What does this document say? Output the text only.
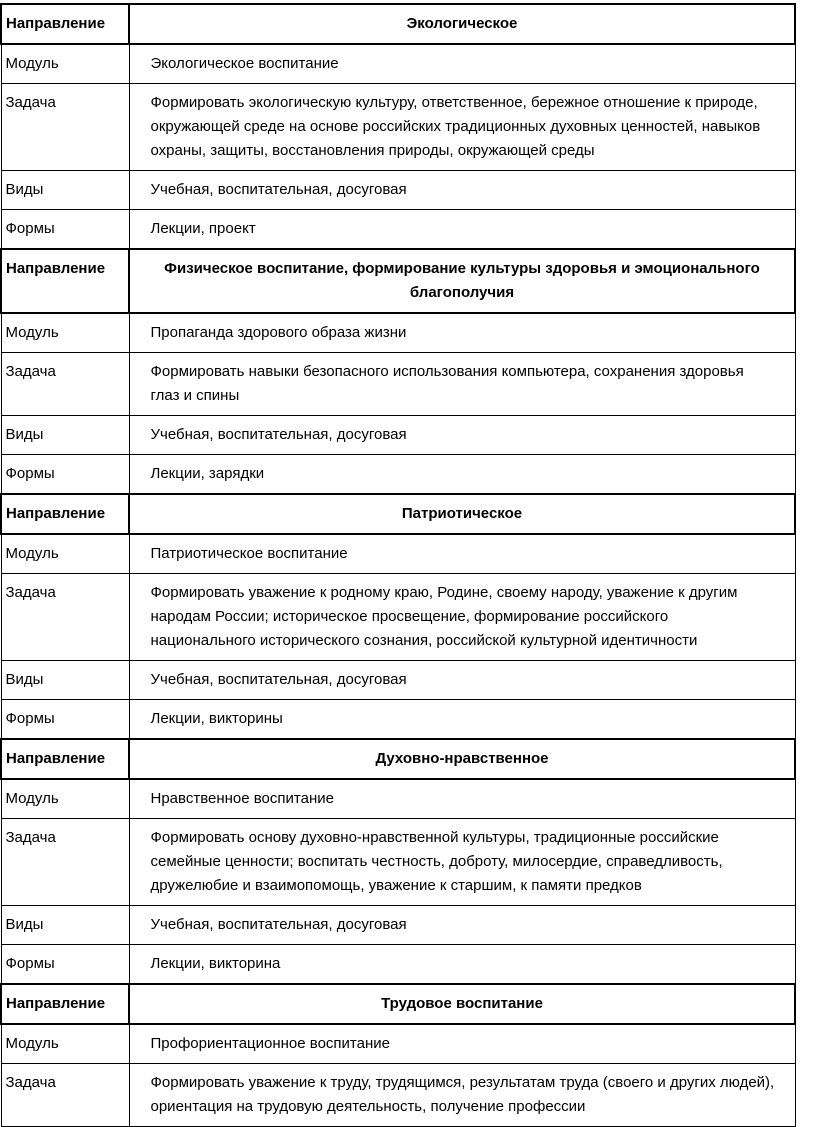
Направление	Экологическое
Модуль	Экологическое воспитание
Задача	Формировать экологическую культуру, ответственное, бережное отношение к природе, окружающей среде на основе российских традиционных духовных ценностей, навыков охраны, защиты, восстановления природы, окружающей среды
Виды	Учебная, воспитательная, досуговая
Формы	Лекции, проект
Направление	Физическое воспитание, формирование культуры здоровья и эмоционального благополучия
Модуль	Пропаганда здорового образа жизни
Задача	Формировать навыки безопасного использования компьютера, сохранения здоровья глаз и спины
Виды	Учебная, воспитательная, досуговая
Формы	Лекции, зарядки
Направление	Патриотическое
Модуль	Патриотическое воспитание
Задача	Формировать уважение к родному краю, Родине, своему народу, уважение к другим народам России; историческое просвещение, формирование российского национального исторического сознания, российской культурной идентичности
Виды	Учебная, воспитательная, досуговая
Формы	Лекции, викторины
Направление	Духовно-нравственное
Модуль	Нравственное воспитание
Задача	Формировать основу духовно-нравственной культуры, традиционные российские семейные ценности; воспитать честность, доброту, милосердие, справедливость, дружелюбие и взаимопомощь, уважение к старшим, к памяти предков
Виды	Учебная, воспитательная, досуговая
Формы	Лекции, викторина
Направление	Трудовое воспитание
Модуль	Профориентационное воспитание
Задача	Формировать уважение к труду, трудящимся, результатам труда (своего и других людей), ориентация на трудовую деятельность, получение профессии
